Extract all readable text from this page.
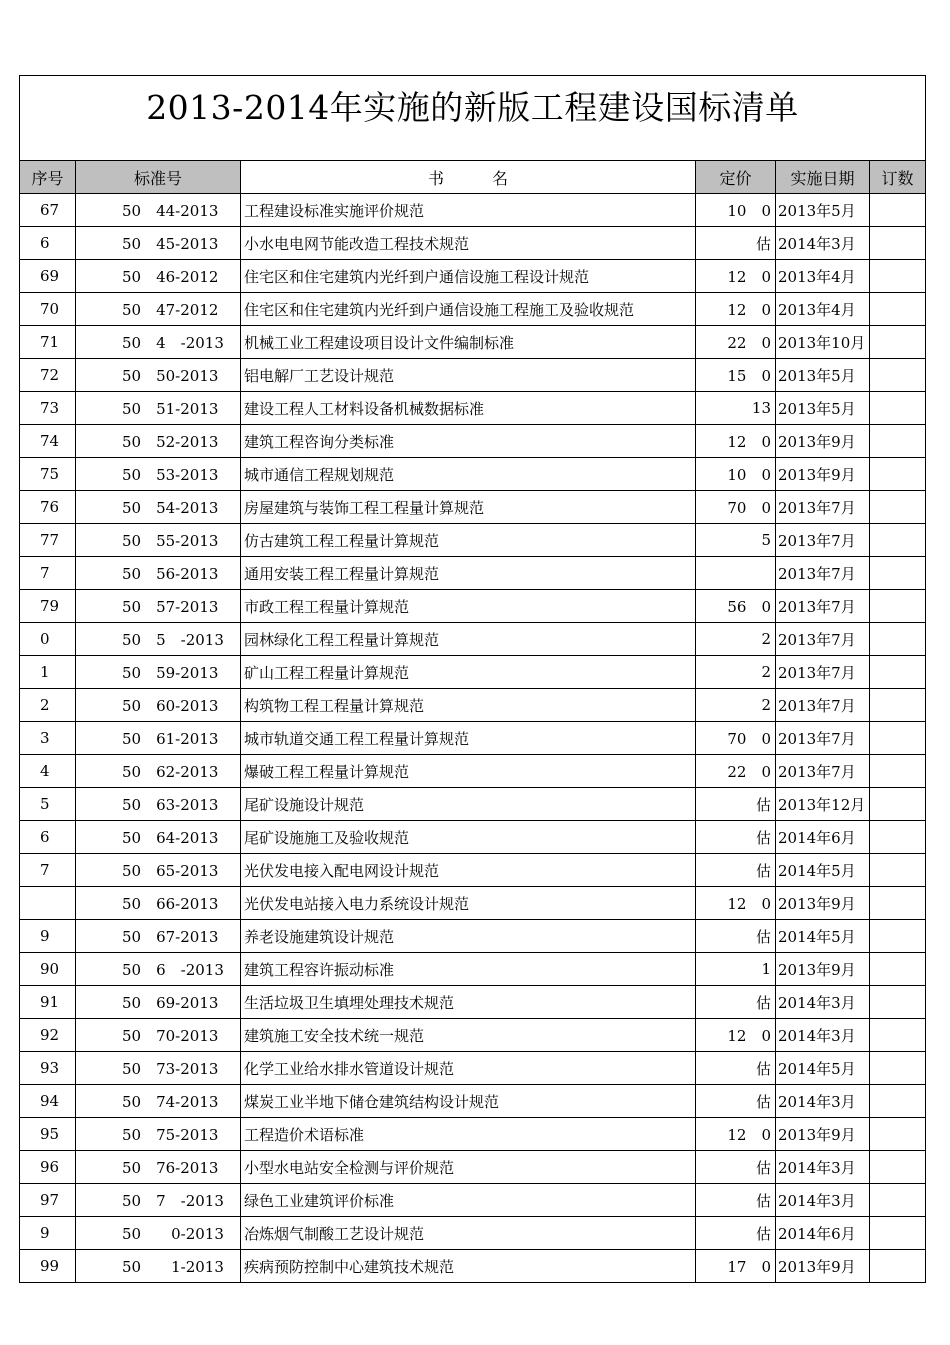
2013-2014年实施的新版工程建设国标清单					
序号	标准号	书　　　名	定价	实施日期	订数
67	50　44-2013	工程建设标准实施评价规范	10　0	2013年5月	
6	50　45-2013	小水电电网节能改造工程技术规范	估	2014年3月	
69	50　46-2012	住宅区和住宅建筑内光纤到户通信设施工程设计规范	12　0	2013年4月	
70	50　47-2012	住宅区和住宅建筑内光纤到户通信设施工程施工及验收规范	12　0	2013年4月	
71	50　4　-2013	机械工业工程建设项目设计文件编制标准	22　0	2013年10月	
72	50　50-2013	铝电解厂工艺设计规范	15　0	2013年5月	
73	50　51-2013	建设工程人工材料设备机械数据标准	13	2013年5月	
74	50　52-2013	建筑工程咨询分类标准	12　0	2013年9月	
75	50　53-2013	城市通信工程规划规范	10　0	2013年9月	
76	50　54-2013	房屋建筑与装饰工程工程量计算规范	70　0	2013年7月	
77	50　55-2013	仿古建筑工程工程量计算规范	5	2013年7月	
7	50　56-2013	通用安装工程工程量计算规范		2013年7月	
79	50　57-2013	市政工程工程量计算规范	56　0	2013年7月	
0	50　5　-2013	园林绿化工程工程量计算规范	2	2013年7月	
1	50　59-2013	矿山工程工程量计算规范	2	2013年7月	
2	50　60-2013	构筑物工程工程量计算规范	2	2013年7月	
3	50　61-2013	城市轨道交通工程工程量计算规范	70　0	2013年7月	
4	50　62-2013	爆破工程工程量计算规范	22　0	2013年7月	
5	50　63-2013	尾矿设施设计规范	估	2013年12月	
6	50　64-2013	尾矿设施施工及验收规范	估	2014年6月	
7	50　65-2013	光伏发电接入配电网设计规范	估	2014年5月	
	50　66-2013	光伏发电站接入电力系统设计规范	12　0	2013年9月	
9	50　67-2013	养老设施建筑设计规范	估	2014年5月	
90	50　6　-2013	建筑工程容许振动标准	1	2013年9月	
91	50　69-2013	生活垃圾卫生填埋处理技术规范	估	2014年3月	
92	50　70-2013	建筑施工安全技术统一规范	12　0	2014年3月	
93	50　73-2013	化学工业给水排水管道设计规范	估	2014年5月	
94	50　74-2013	煤炭工业半地下储仓建筑结构设计规范	估	2014年3月	
95	50　75-2013	工程造价术语标准	12　0	2013年9月	
96	50　76-2013	小型水电站安全检测与评价规范	估	2014年3月	
97	50　7　-2013	绿色工业建筑评价标准	估	2014年3月	
9	50　　0-2013	冶炼烟气制酸工艺设计规范	估	2014年6月	
99	50　　1-2013	疾病预防控制中心建筑技术规范	17　0	2013年9月	
